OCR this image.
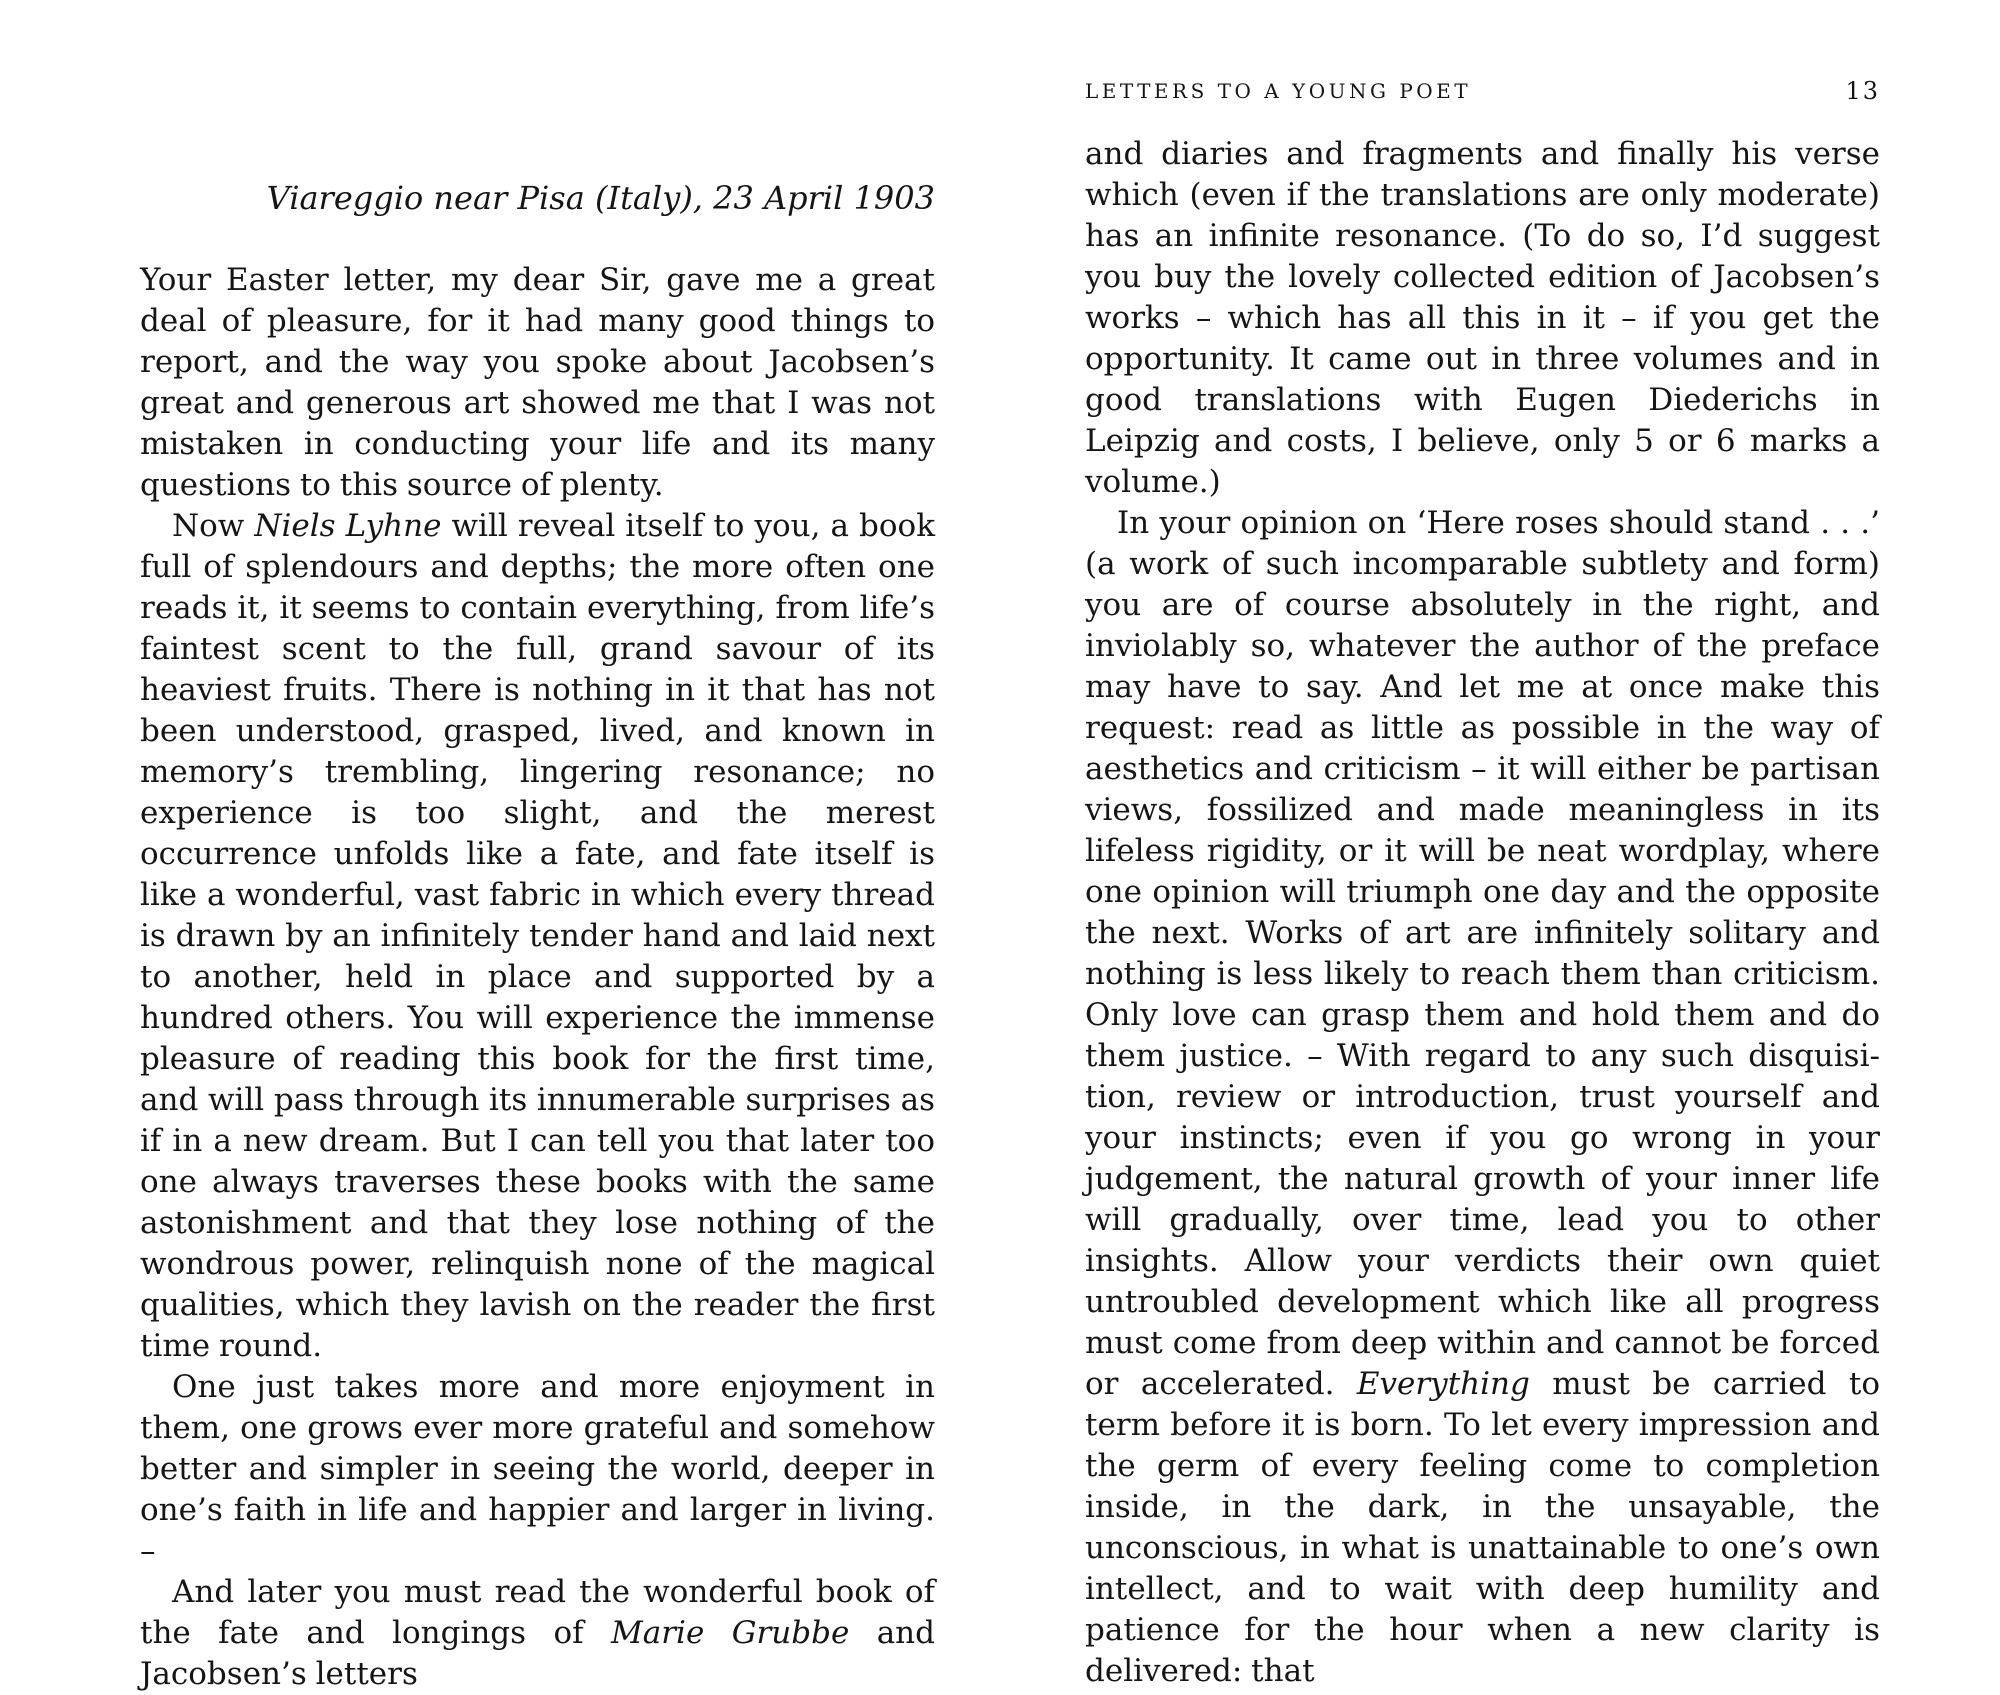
Viareggio near Pisa (Italy), 23 April 1903

Your Easter letter, my dear Sir, gave me a great deal of pleasure, for it had many good things to report, and the way you spoke about Jacobsen’s great and generous art showed me that I was not mistaken in conducting your life and its many questions to this source of plenty.

Now Niels Lyhne will reveal itself to you, a book full of splendours and depths; the more often one reads it, it seems to contain everything, from life’s faintest scent to the full, grand savour of its heaviest fruits. There is nothing in it that has not been understood, grasped, lived, and known in memory’s trembling, lingering resonance; no experience is too slight, and the merest occurrence unfolds like a fate, and fate itself is like a wonderful, vast fabric in which every thread is drawn by an infinitely tender hand and laid next to another, held in place and supported by a hundred others. You will experience the immense pleasure of reading this book for the first time, and will pass through its innumerable surprises as if in a new dream. But I can tell you that later too one always traverses these books with the same astonishment and that they lose nothing of the wondrous power, relinquish none of the magical qualities, which they lavish on the reader the first time round.

One just takes more and more enjoyment in them, one grows ever more grateful and somehow better and simpler in seeing the world, deeper in one’s faith in life and happier and larger in living. –

And later you must read the wonderful book of the fate and longings of Marie Grubbe and Jacobsen’s letters

LETTERS TO A YOUNG POET	13

and diaries and fragments and finally his verse which (even if the translations are only moderate) has an infinite resonance. (To do so, I’d suggest you buy the lovely collected edition of Jacobsen’s works – which has all this in it – if you get the opportunity. It came out in three volumes and in good translations with Eugen Diederichs in Leipzig and costs, I believe, only 5 or 6 marks a volume.)

In your opinion on ‘Here roses should stand . . .’ (a work of such incomparable subtlety and form) you are of course absolutely in the right, and inviolably so, whatever the author of the preface may have to say. And let me at once make this request: read as little as possible in the way of aesthetics and criticism – it will either be partisan views, fossilized and made meaningless in its lifeless rigidity, or it will be neat wordplay, where one opinion will triumph one day and the opposite the next. Works of art are infinitely solitary and nothing is less likely to reach them than criticism. Only love can grasp them and hold them and do them justice. – With regard to any such disquisition, review or introduction, trust yourself and your instincts; even if you go wrong in your judgement, the natural growth of your inner life will gradually, over time, lead you to other insights. Allow your verdicts their own quiet untroubled development which like all progress must come from deep within and cannot be forced or accelerated. Everything must be carried to term before it is born. To let every impression and the germ of every feeling come to completion inside, in the dark, in the unsayable, the unconscious, in what is unattainable to one’s own intellect, and to wait with deep humility and patience for the hour when a new clarity is delivered: that
